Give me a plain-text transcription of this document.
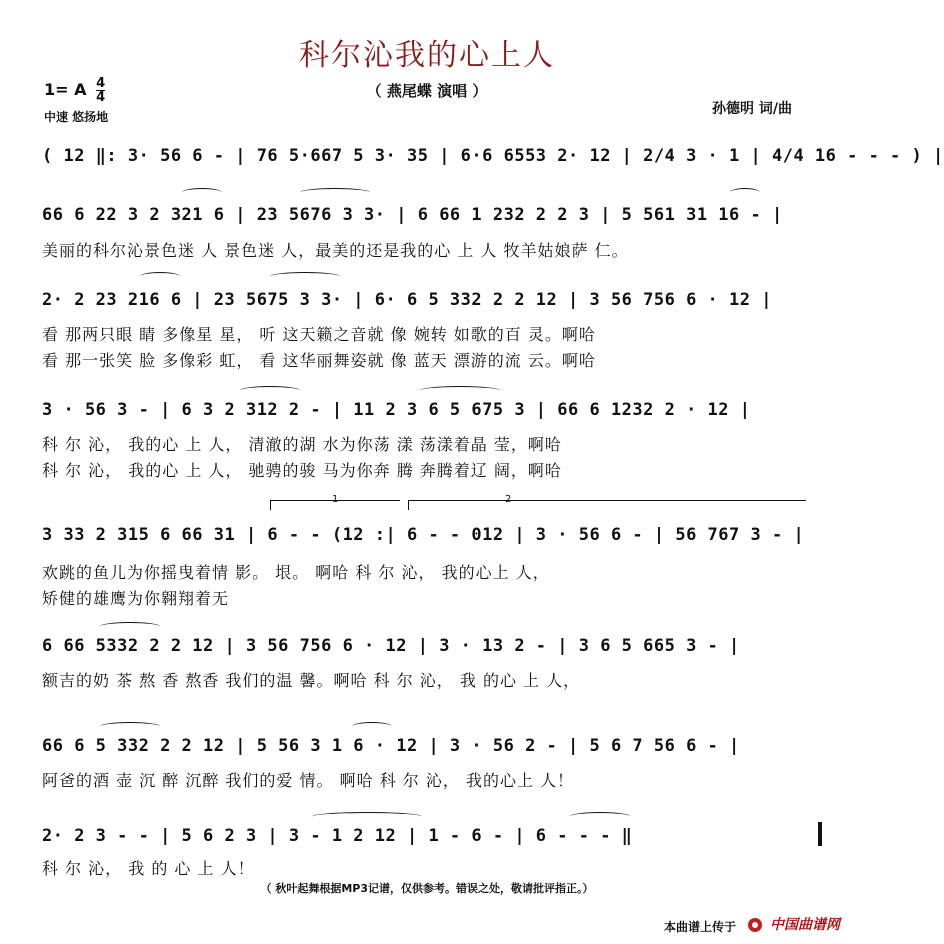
科尔沁我的心上人
（ 燕尾蝶 演唱 ）
1= A $\frac{4}{4}$
中速 悠扬地	孙德明 词/曲
( 12 ‖: 3· 56 6 - | 76 5·667 5 3· 35 | 6·6 6553 2· 12 | 2/4 3 · 1 | 4/4 16 - - - ) |
66 6 22 3 2 321 6 | 23 5676 3 3· | 6 66 1 232 2 2 3 | 5 561 31 16 - |
美丽的科尔沁景色迷 人 景色迷 人，最美的还是我的心 上 人 牧羊姑娘萨 仁。
2· 2 23 216 6 | 23 5675 3 3· | 6· 6 5 332 2 2 12 | 3 56 756 6 · 12 |
看 那两只眼 睛 多像星 星， 听 这天籁之音就 像 婉转 如歌的百 灵。啊哈
看 那一张笑 脸 多像彩 虹， 看 这华丽舞姿就 像 蓝天 漂游的流 云。啊哈
3 · 56 3 - | 6 3 2 312 2 - | 11 2 3 6 5 675 3 | 66 6 1232 2 · 12 |
科 尔 沁， 我的心 上 人， 清澈的湖 水为你荡 漾 荡漾着晶 莹，啊哈
科 尔 沁， 我的心 上 人， 驰骋的骏 马为你奔 腾 奔腾着辽 阔，啊哈
1	2
3 33 2 315 6 66 31 | 6 - - (12 :| 6 - - 012 | 3 · 56 6 - | 56 767 3 - |
欢跳的鱼儿为你摇曳着情 影。 垠。 啊哈 科 尔 沁， 我的心上 人，
矫健的雄鹰为你翱翔着无
6 66 5332 2 2 12 | 3 56 756 6 · 12 | 3 · 13 2 - | 3 6 5 665 3 - |
额吉的奶 茶 熬 香 熬香 我们的温 馨。啊哈 科 尔 沁， 我 的心 上 人，
66 6 5 332 2 2 12 | 5 56 3 1 6 · 12 | 3 · 56 2 - | 5 6 7 56 6 - |
阿爸的酒 壶 沉 醉 沉醉 我们的爱 情。 啊哈 科 尔 沁， 我的心上 人！
2· 2 3 - - | 5 6 2 3 | 3 - 1 2 12 | 1 - 6 - | 6 - - - ‖
科 尔 沁， 我 的 心 上 人！
（ 秋叶起舞根据MP3记谱，仅供参考。错误之处，敬请批评指正。）
本曲谱上传于	中国曲谱网
